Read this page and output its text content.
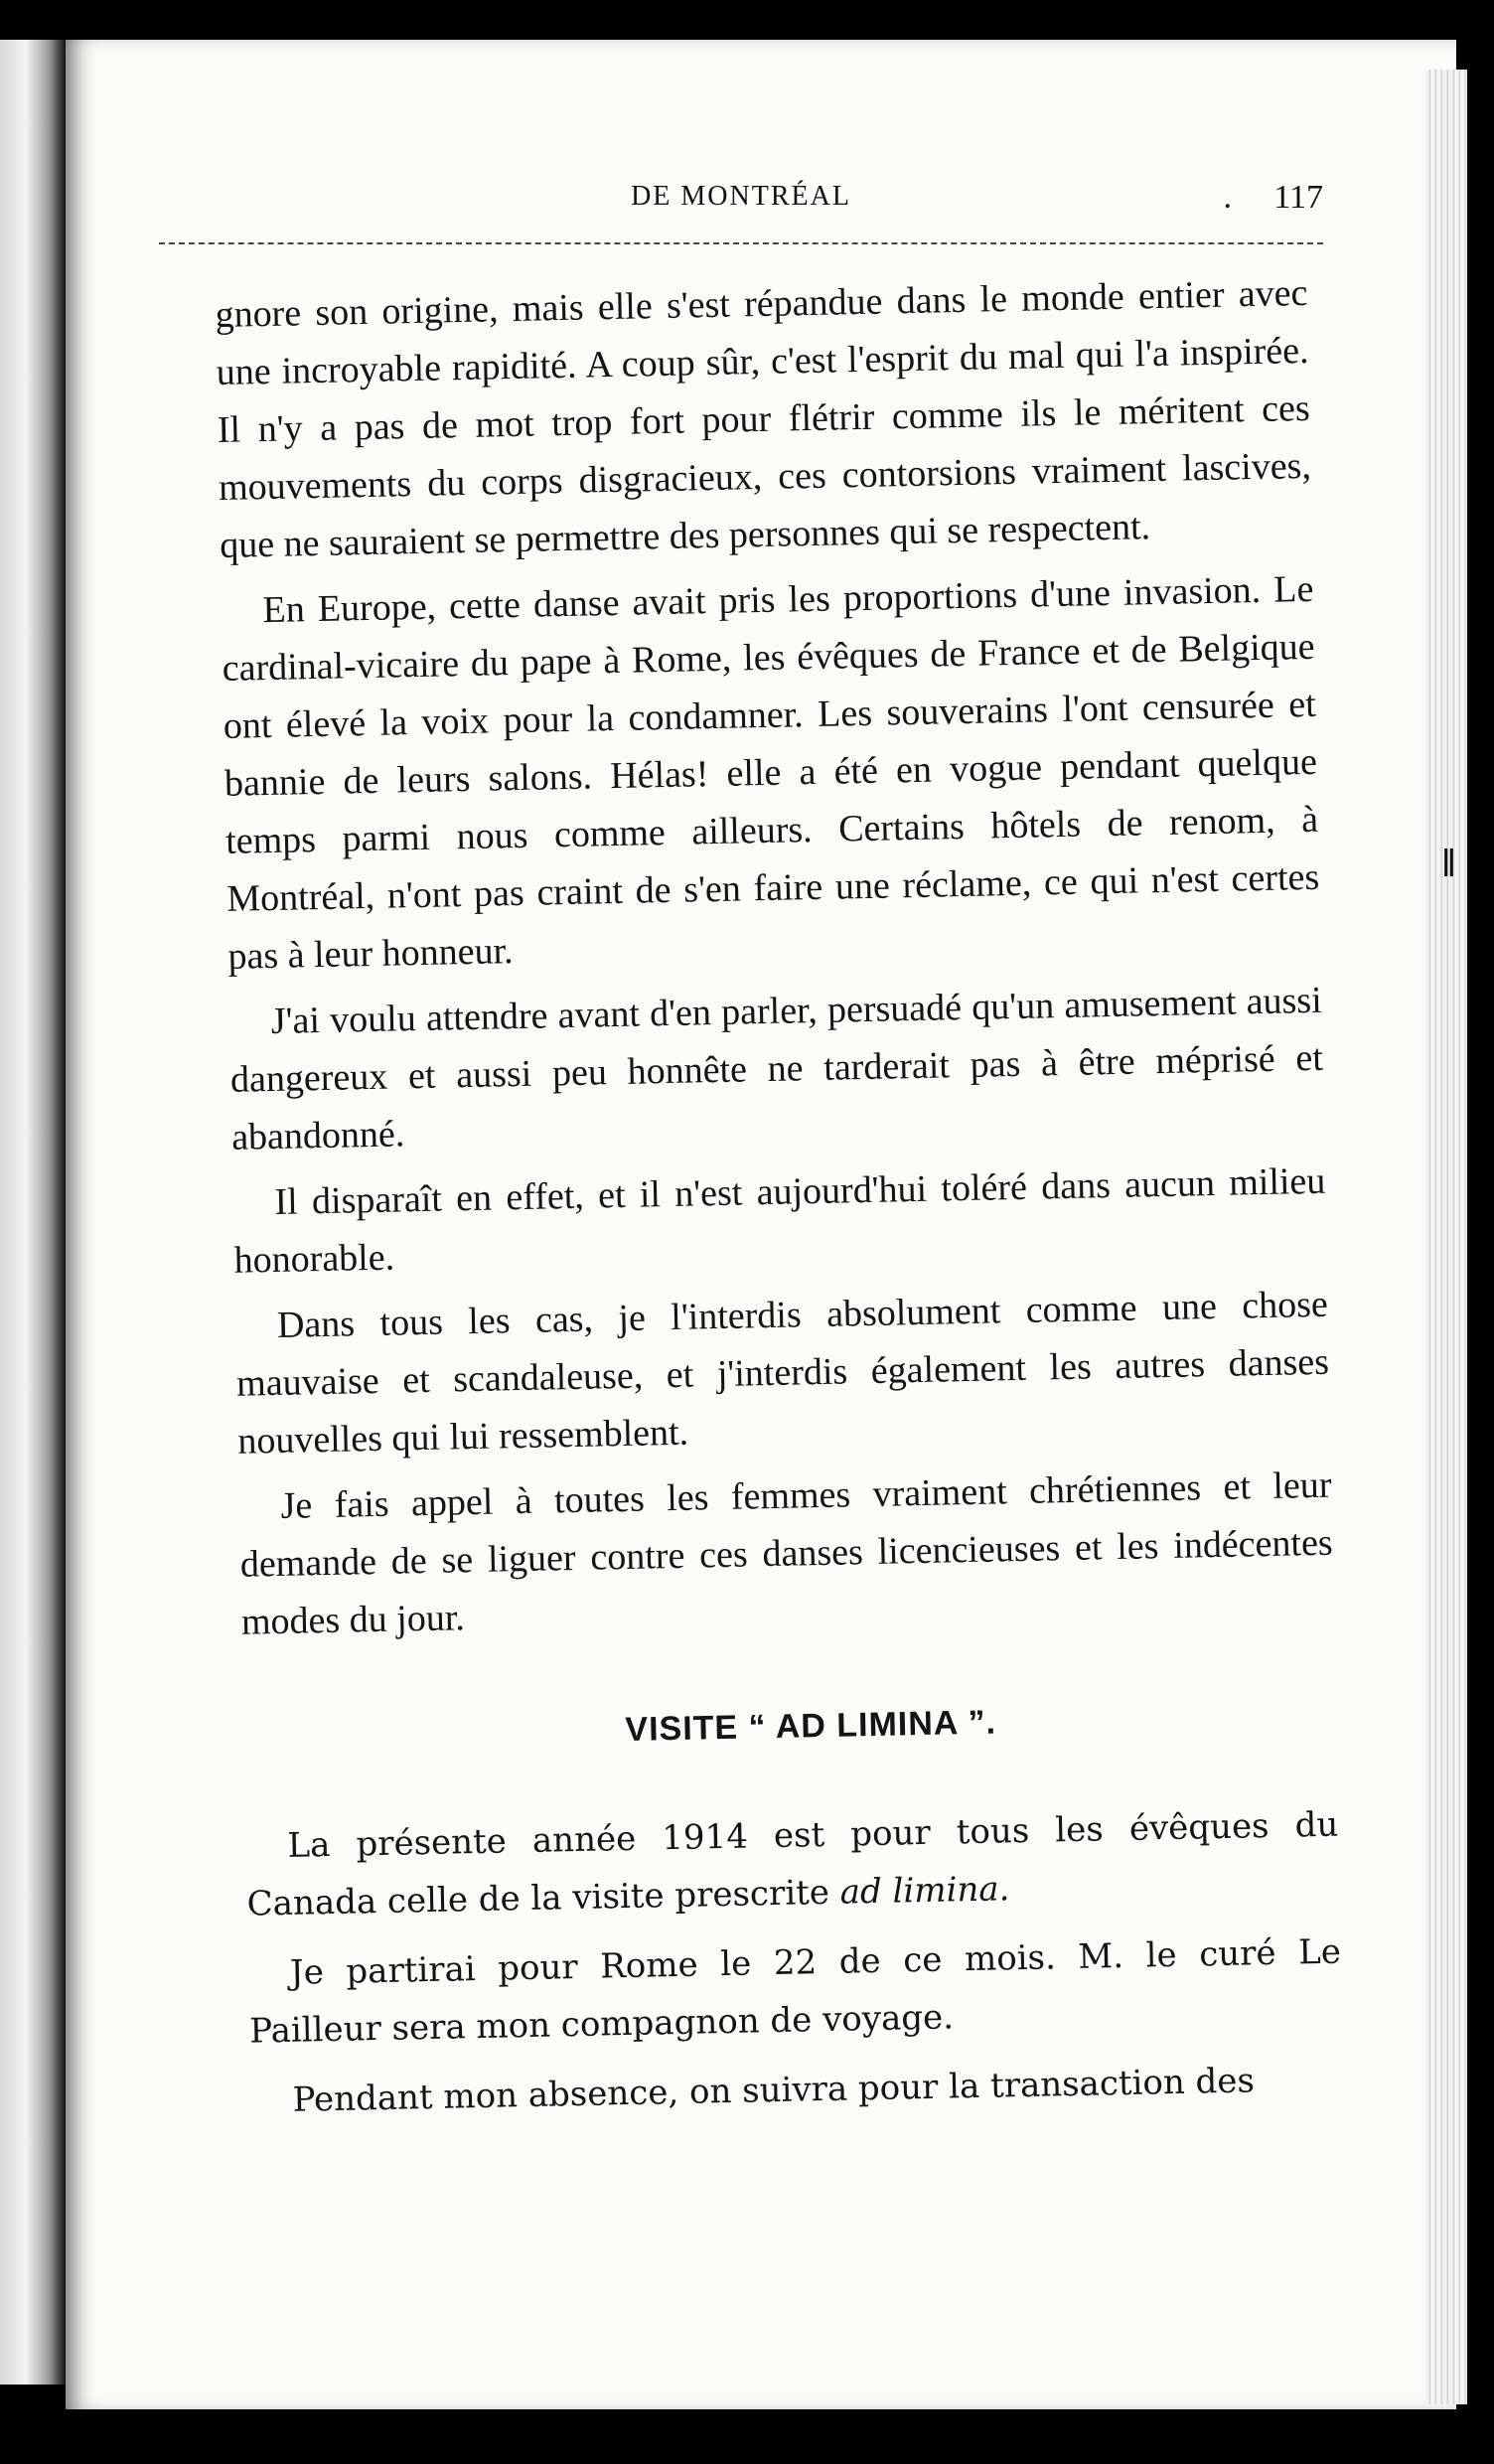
DE MONTRÉAL	. 117

gnore son origine, mais elle s'est répandue dans le monde entier avec une incroyable rapidité. A coup sûr, c'est l'esprit du mal qui l'a inspirée. Il n'y a pas de mot trop fort pour flétrir comme ils le méritent ces mouvements du corps disgracieux, ces contorsions vraiment lascives, que ne sauraient se permettre des personnes qui se respectent.

En Europe, cette danse avait pris les proportions d'une invasion. Le cardinal-vicaire du pape à Rome, les évêques de France et de Belgique ont élevé la voix pour la condamner. Les souverains l'ont censurée et bannie de leurs salons. Hélas! elle a été en vogue pendant quelque temps parmi nous comme ailleurs. Certains hôtels de renom, à Montréal, n'ont pas craint de s'en faire une réclame, ce qui n'est certes pas à leur honneur.

J'ai voulu attendre avant d'en parler, persuadé qu'un amusement aussi dangereux et aussi peu honnête ne tarderait pas à être méprisé et abandonné.

Il disparaît en effet, et il n'est aujourd'hui toléré dans aucun milieu honorable.

Dans tous les cas, je l'interdis absolument comme une chose mauvaise et scandaleuse, et j'interdis également les autres danses nouvelles qui lui ressemblent.

Je fais appel à toutes les femmes vraiment chrétiennes et leur demande de se liguer contre ces danses licencieuses et les indécentes modes du jour.

VISITE “ AD LIMINA ”.

La présente année 1914 est pour tous les évêques du Canada celle de la visite prescrite ad limina.

Je partirai pour Rome le 22 de ce mois. M. le curé Le Pailleur sera mon compagnon de voyage.

Pendant mon absence, on suivra pour la transaction des

‖
